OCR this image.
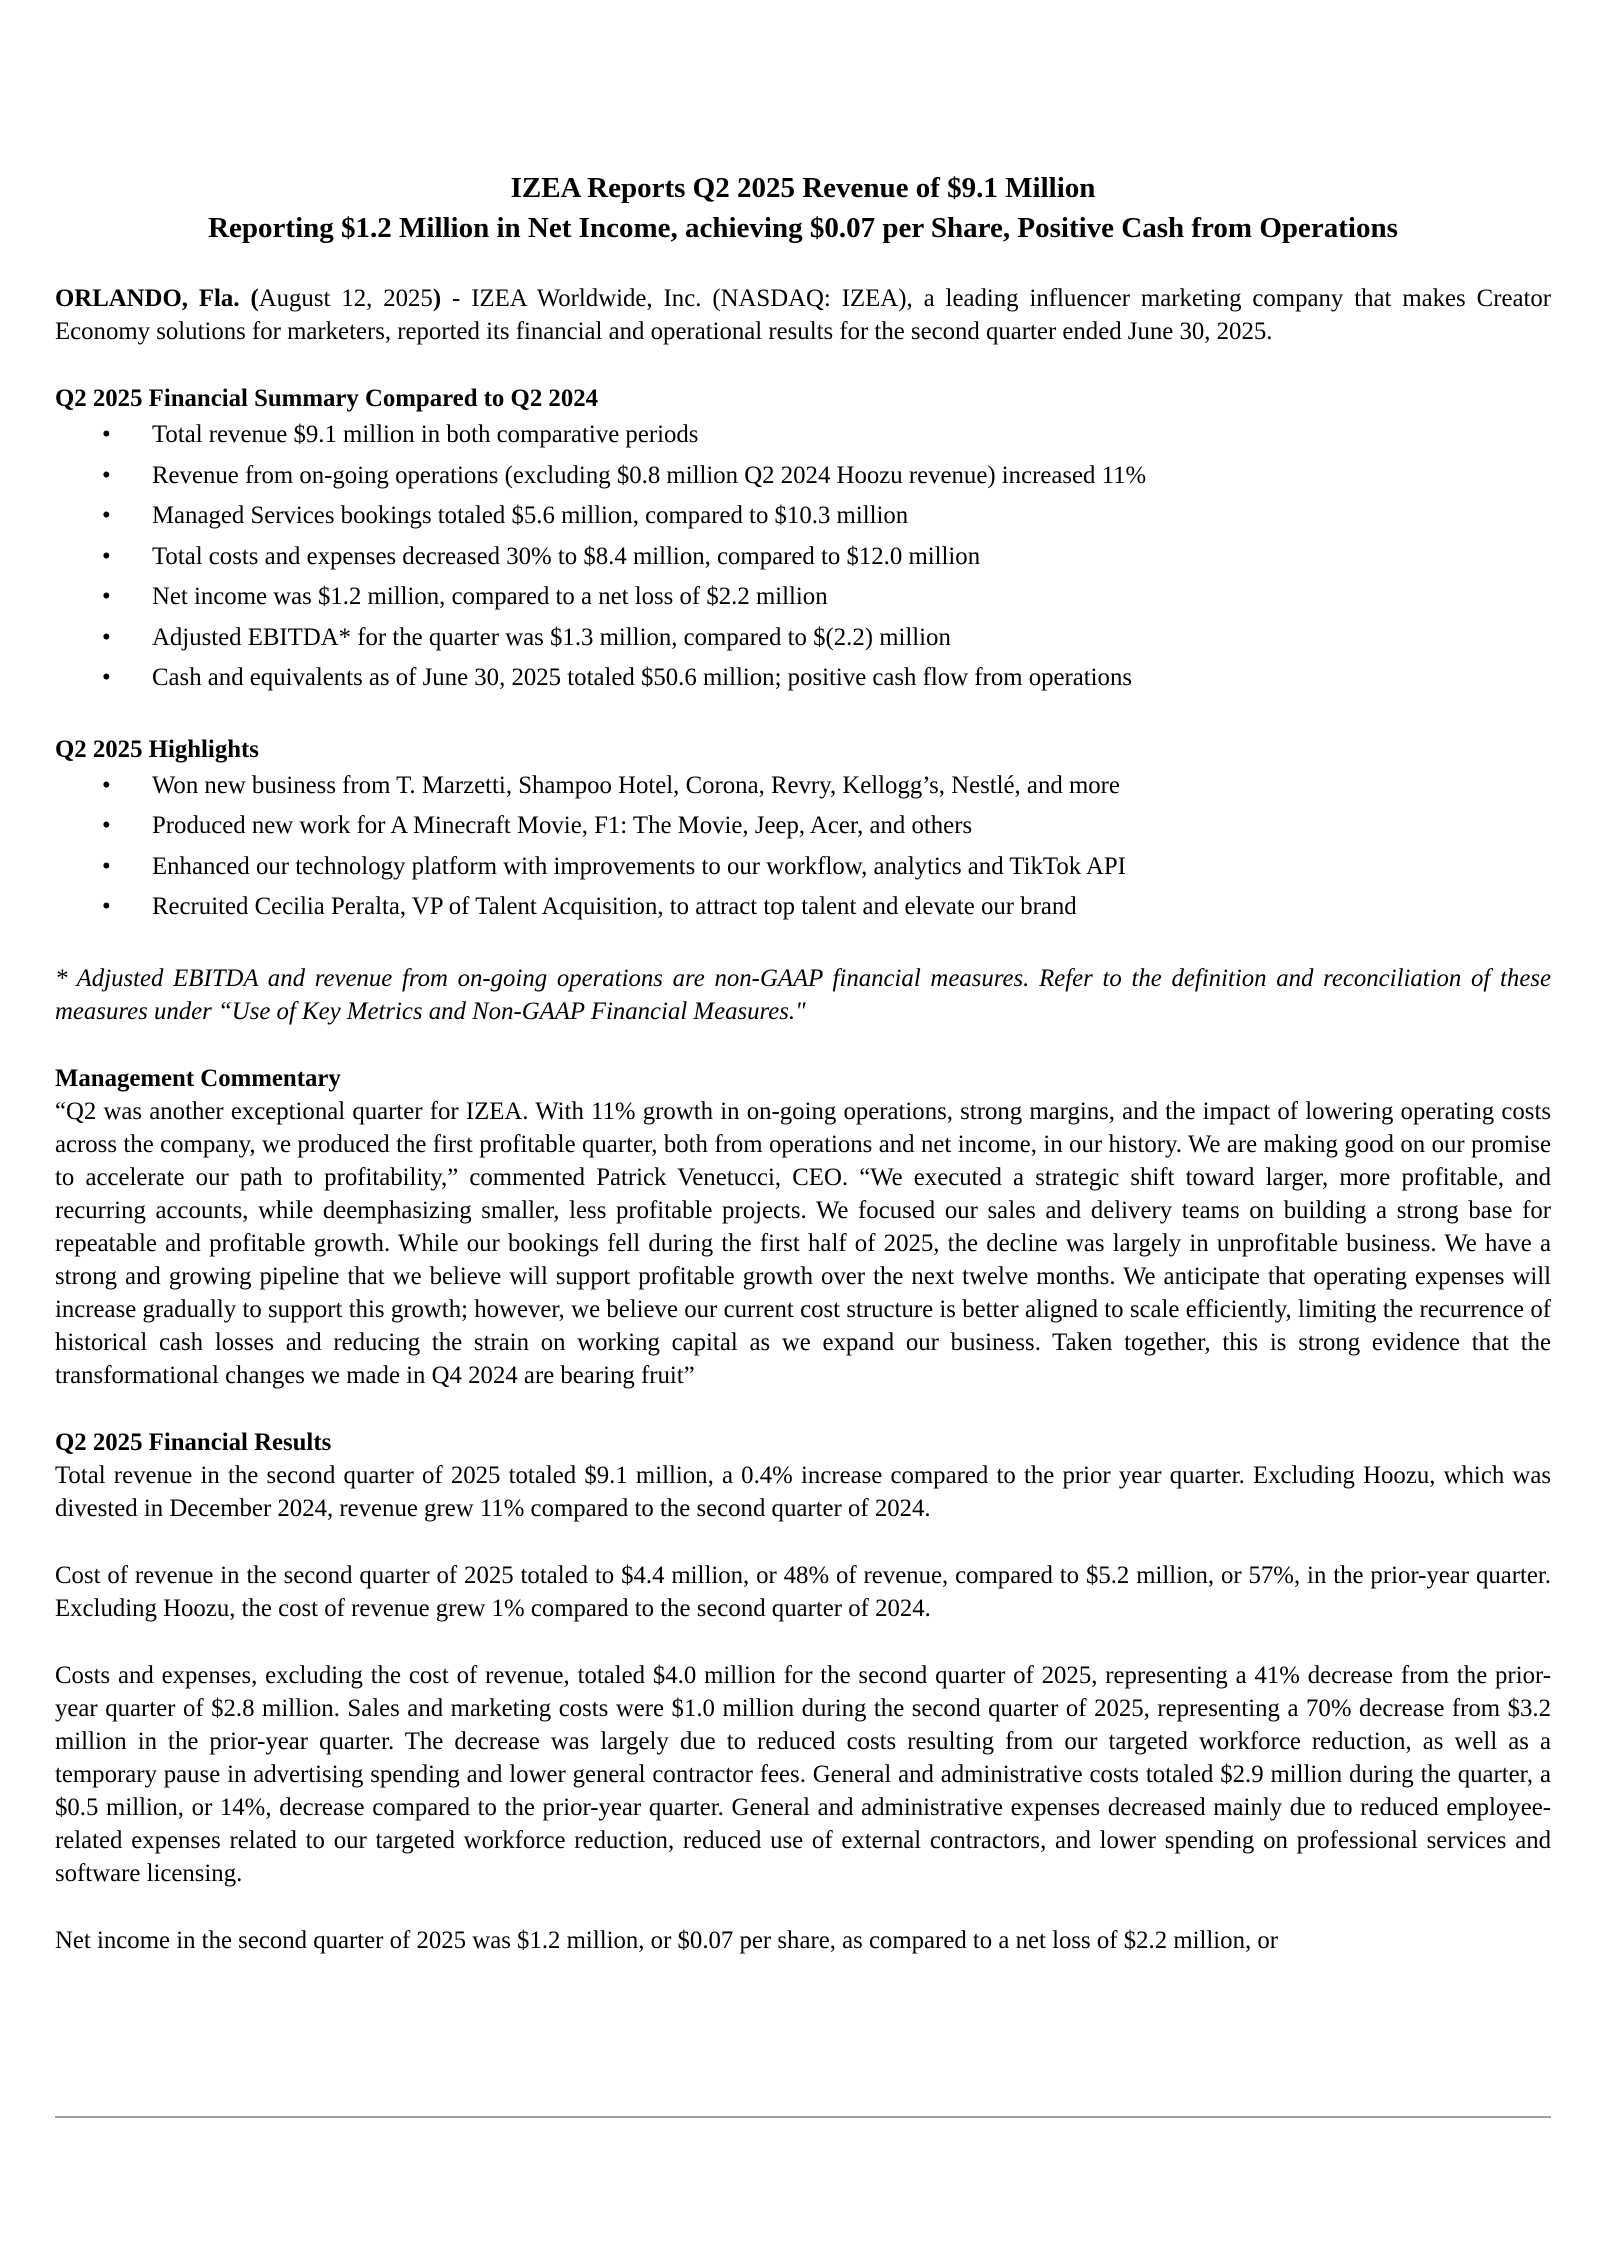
IZEA Reports Q2 2025 Revenue of $9.1 Million

Reporting $1.2 Million in Net Income, achieving $0.07 per Share, Positive Cash from Operations

ORLANDO, Fla. (August 12, 2025) - IZEA Worldwide, Inc. (NASDAQ: IZEA), a leading influencer marketing company that makes Creator Economy solutions for marketers, reported its financial and operational results for the second quarter ended June 30, 2025.

Q2 2025 Financial Summary Compared to Q2 2024

• Total revenue $9.1 million in both comparative periods
• Revenue from on-going operations (excluding $0.8 million Q2 2024 Hoozu revenue) increased 11%
• Managed Services bookings totaled $5.6 million, compared to $10.3 million
• Total costs and expenses decreased 30% to $8.4 million, compared to $12.0 million
• Net income was $1.2 million, compared to a net loss of $2.2 million
• Adjusted EBITDA* for the quarter was $1.3 million, compared to $(2.2) million
• Cash and equivalents as of June 30, 2025 totaled $50.6 million; positive cash flow from operations

Q2 2025 Highlights

• Won new business from T. Marzetti, Shampoo Hotel, Corona, Revry, Kellogg’s, Nestlé, and more
• Produced new work for A Minecraft Movie, F1: The Movie, Jeep, Acer, and others
• Enhanced our technology platform with improvements to our workflow, analytics and TikTok API
• Recruited Cecilia Peralta, VP of Talent Acquisition, to attract top talent and elevate our brand

* Adjusted EBITDA and revenue from on-going operations are non-GAAP financial measures. Refer to the definition and reconciliation of these measures under “Use of Key Metrics and Non-GAAP Financial Measures."

Management Commentary

“Q2 was another exceptional quarter for IZEA. With 11% growth in on-going operations, strong margins, and the impact of lowering operating costs across the company, we produced the first profitable quarter, both from operations and net income, in our history. We are making good on our promise to accelerate our path to profitability,” commented Patrick Venetucci, CEO. “We executed a strategic shift toward larger, more profitable, and recurring accounts, while deemphasizing smaller, less profitable projects. We focused our sales and delivery teams on building a strong base for repeatable and profitable growth. While our bookings fell during the first half of 2025, the decline was largely in unprofitable business. We have a strong and growing pipeline that we believe will support profitable growth over the next twelve months. We anticipate that operating expenses will increase gradually to support this growth; however, we believe our current cost structure is better aligned to scale efficiently, limiting the recurrence of historical cash losses and reducing the strain on working capital as we expand our business. Taken together, this is strong evidence that the transformational changes we made in Q4 2024 are bearing fruit”

Q2 2025 Financial Results

Total revenue in the second quarter of 2025 totaled $9.1 million, a 0.4% increase compared to the prior year quarter. Excluding Hoozu, which was divested in December 2024, revenue grew 11% compared to the second quarter of 2024.

Cost of revenue in the second quarter of 2025 totaled to $4.4 million, or 48% of revenue, compared to $5.2 million, or 57%, in the prior-year quarter. Excluding Hoozu, the cost of revenue grew 1% compared to the second quarter of 2024.

Costs and expenses, excluding the cost of revenue, totaled $4.0 million for the second quarter of 2025, representing a 41% decrease from the prior-year quarter of $2.8 million. Sales and marketing costs were $1.0 million during the second quarter of 2025, representing a 70% decrease from $3.2 million in the prior-year quarter. The decrease was largely due to reduced costs resulting from our targeted workforce reduction, as well as a temporary pause in advertising spending and lower general contractor fees. General and administrative costs totaled $2.9 million during the quarter, a $0.5 million, or 14%, decrease compared to the prior-year quarter. General and administrative expenses decreased mainly due to reduced employee-related expenses related to our targeted workforce reduction, reduced use of external contractors, and lower spending on professional services and software licensing.

Net income in the second quarter of 2025 was $1.2 million, or $0.07 per share, as compared to a net loss of $2.2 million, or
